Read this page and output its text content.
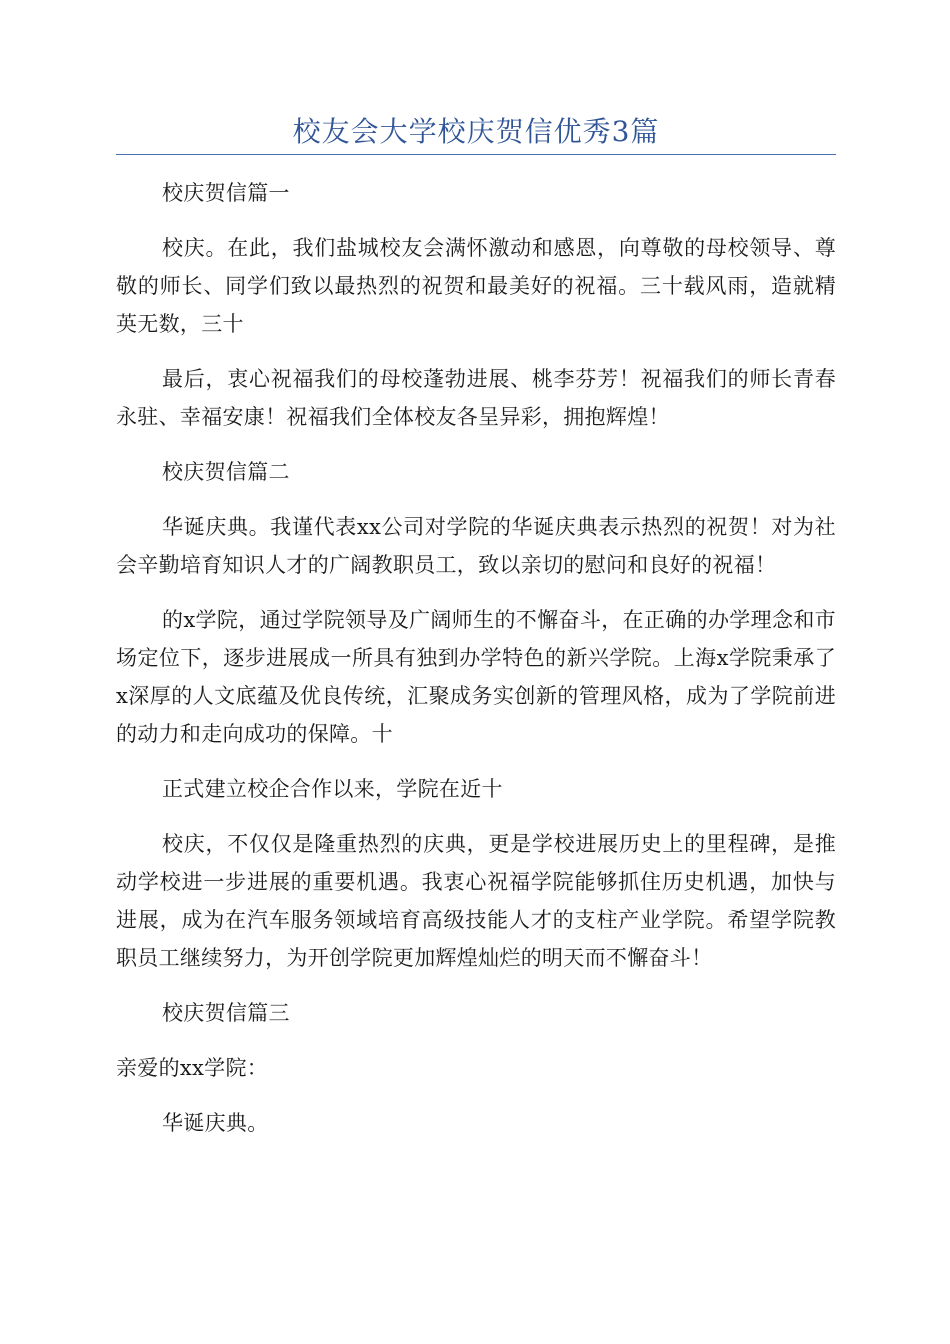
校友会大学校庆贺信优秀3篇

校庆贺信篇一

校庆。在此，我们盐城校友会满怀激动和感恩，向尊敬的母校领导、尊敬的师长、同学们致以最热烈的祝贺和最美好的祝福。三十载风雨，造就精英无数，三十

最后，衷心祝福我们的母校蓬勃进展、桃李芬芳！祝福我们的师长青春永驻、幸福安康！祝福我们全体校友各呈异彩，拥抱辉煌！

校庆贺信篇二

华诞庆典。我谨代表xx公司对学院的华诞庆典表示热烈的祝贺！对为社会辛勤培育知识人才的广阔教职员工，致以亲切的慰问和良好的祝福！

的x学院，通过学院领导及广阔师生的不懈奋斗，在正确的办学理念和市场定位下，逐步进展成一所具有独到办学特色的新兴学院。上海x学院秉承了x深厚的人文底蕴及优良传统，汇聚成务实创新的管理风格，成为了学院前进的动力和走向成功的保障。十

正式建立校企合作以来，学院在近十

校庆，不仅仅是隆重热烈的庆典，更是学校进展历史上的里程碑，是推动学校进一步进展的重要机遇。我衷心祝福学院能够抓住历史机遇，加快与进展，成为在汽车服务领域培育高级技能人才的支柱产业学院。希望学院教职员工继续努力，为开创学院更加辉煌灿烂的明天而不懈奋斗！

校庆贺信篇三

亲爱的xx学院：

华诞庆典。
